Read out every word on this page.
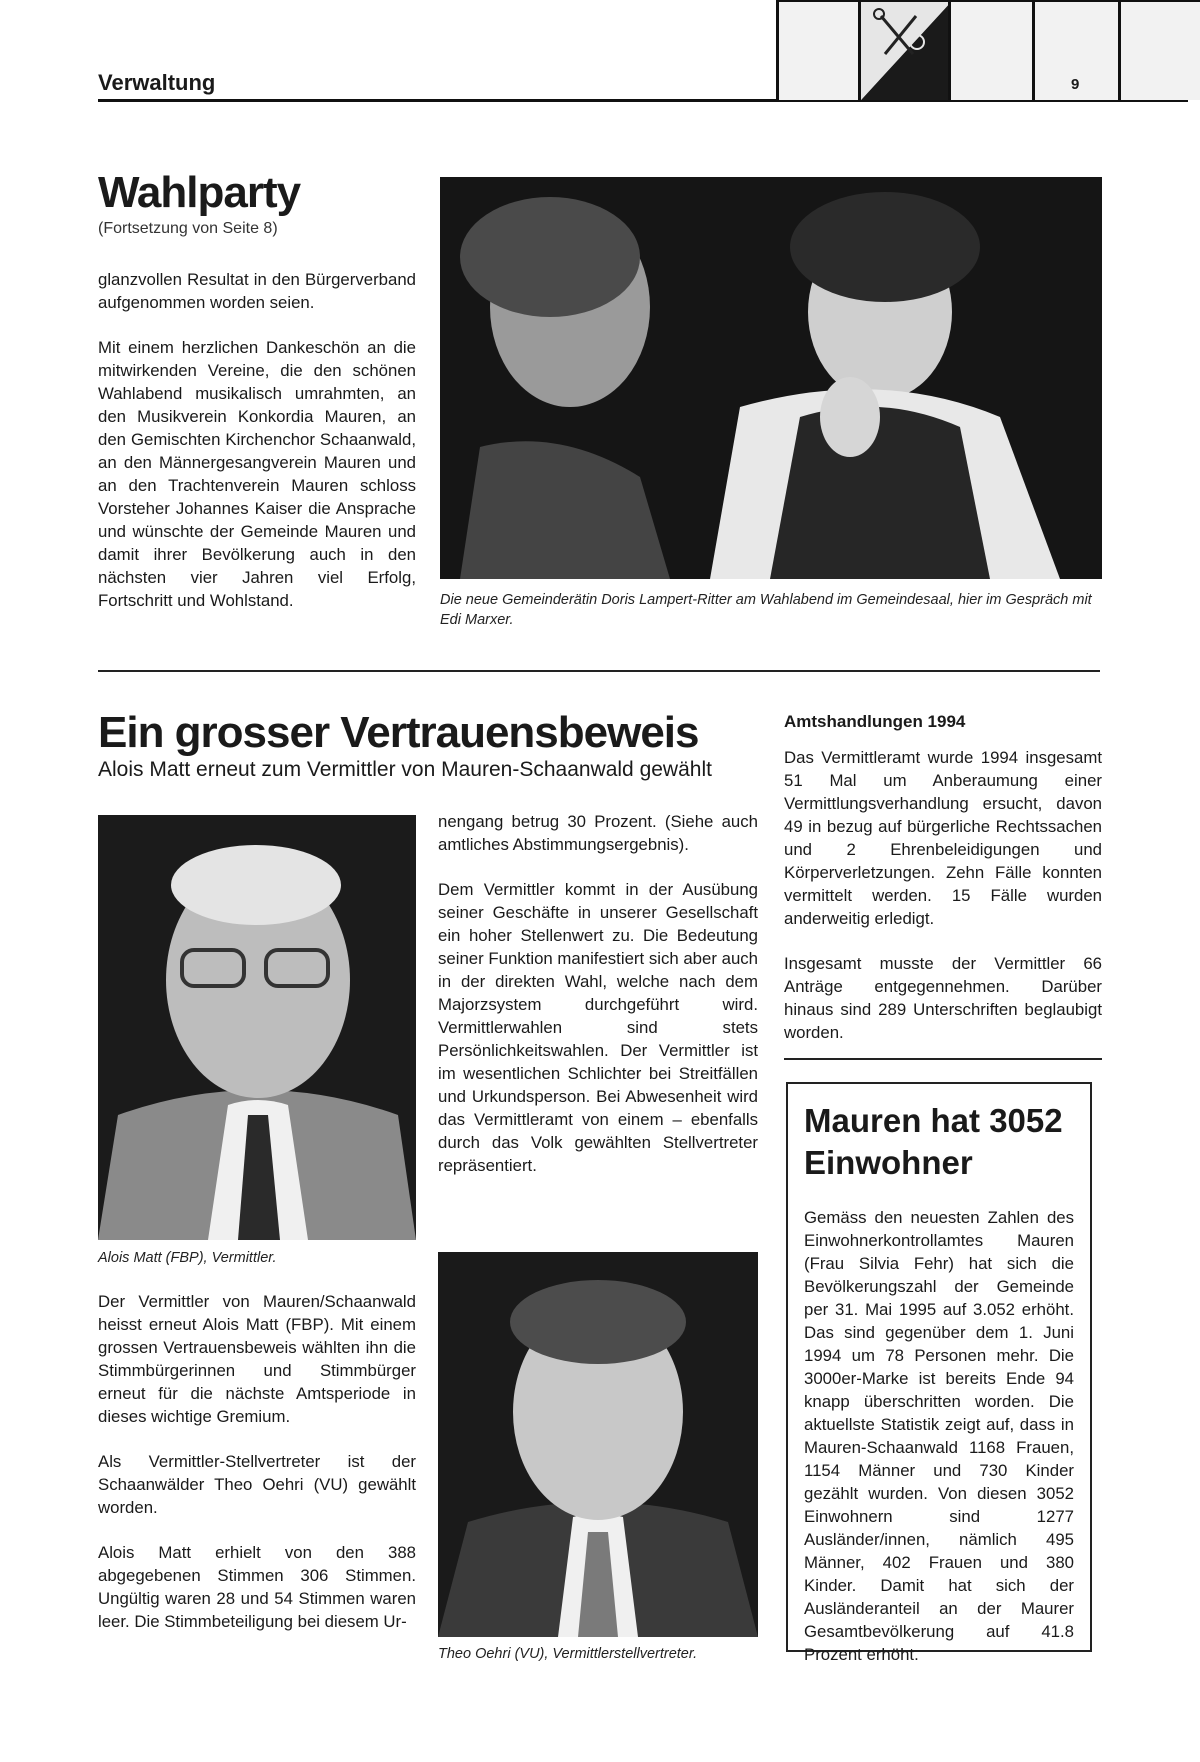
Verwaltung	9
Wahlparty
(Fortsetzung von Seite 8)

glanzvollen Resultat in den Bürgerverband aufgenommen worden seien.

Mit einem herzlichen Dankeschön an die mitwirkenden Vereine, die den schönen Wahlabend musikalisch umrahmten, an den Musikverein Konkordia Mauren, an den Gemischten Kirchenchor Schaanwald, an den Männergesangverein Mauren und an den Trachtenverein Mauren schloss Vorsteher Johannes Kaiser die Ansprache und wünschte der Gemeinde Mauren und damit ihrer Bevölkerung auch in den nächsten vier Jahren viel Erfolg, Fortschritt und Wohlstand.	Die neue Gemeinderätin Doris Lampert-Ritter am Wahlabend im Gemeindesaal, hier im Gespräch mit Edi Marxer.
Ein grosser Vertrauensbeweis
Alois Matt erneut zum Vermittler von Mauren-Schaanwald gewählt
Alois Matt (FBP), Vermittler.

Der Vermittler von Mauren/Schaanwald heisst erneut Alois Matt (FBP). Mit einem grossen Vertrauensbeweis wählten ihn die Stimmbürgerinnen und Stimmbürger erneut für die nächste Amtsperiode in dieses wichtige Gremium.

Als Vermittler-Stellvertreter ist der Schaanwälder Theo Oehri (VU) gewählt worden.

Alois Matt erhielt von den 388 abgegebenen Stimmen 306 Stimmen. Ungültig waren 28 und 54 Stimmen waren leer. Die Stimmbeteiligung bei diesem Ur-

nengang betrug 30 Prozent. (Siehe auch amtliches Abstimmungsergebnis).

Dem Vermittler kommt in der Ausübung seiner Geschäfte in unserer Gesellschaft ein hoher Stellenwert zu. Die Bedeutung seiner Funktion manifestiert sich aber auch in der direkten Wahl, welche nach dem Majorzsystem durchgeführt wird. Vermittlerwahlen sind stets Persönlichkeitswahlen. Der Vermittler ist im wesentlichen Schlichter bei Streitfällen und Urkundsperson. Bei Abwesenheit wird das Vermittleramt von einem – ebenfalls durch das Volk gewählten Stellvertreter repräsentiert.

Theo Oehri (VU), Vermittlerstellvertreter.
Amtshandlungen 1994

Das Vermittleramt wurde 1994 insgesamt 51 Mal um Anberaumung einer Vermittlungsverhandlung ersucht, davon 49 in bezug auf bürgerliche Rechtssachen und 2 Ehrenbeleidigungen und Körperverletzungen. Zehn Fälle konnten vermittelt werden. 15 Fälle wurden anderweitig erledigt.

Insgesamt musste der Vermittler 66 Anträge entgegennehmen. Darüber hinaus sind 289 Unterschriften beglaubigt worden.

Mauren hat 3052 Einwohner

Gemäss den neuesten Zahlen des Einwohnerkontrollamtes Mauren (Frau Silvia Fehr) hat sich die Bevölkerungszahl der Gemeinde per 31. Mai 1995 auf 3.052 erhöht. Das sind gegenüber dem 1. Juni 1994 um 78 Personen mehr. Die 3000er-Marke ist bereits Ende 94 knapp überschritten worden. Die aktuellste Statistik zeigt auf, dass in Mauren-Schaanwald 1168 Frauen, 1154 Männer und 730 Kinder gezählt wurden. Von diesen 3052 Einwohnern sind 1277 Ausländer/innen, nämlich 495 Männer, 402 Frauen und 380 Kinder. Damit hat sich der Ausländeranteil an der Maurer Gesamtbevölkerung auf 41.8 Prozent erhöht.
